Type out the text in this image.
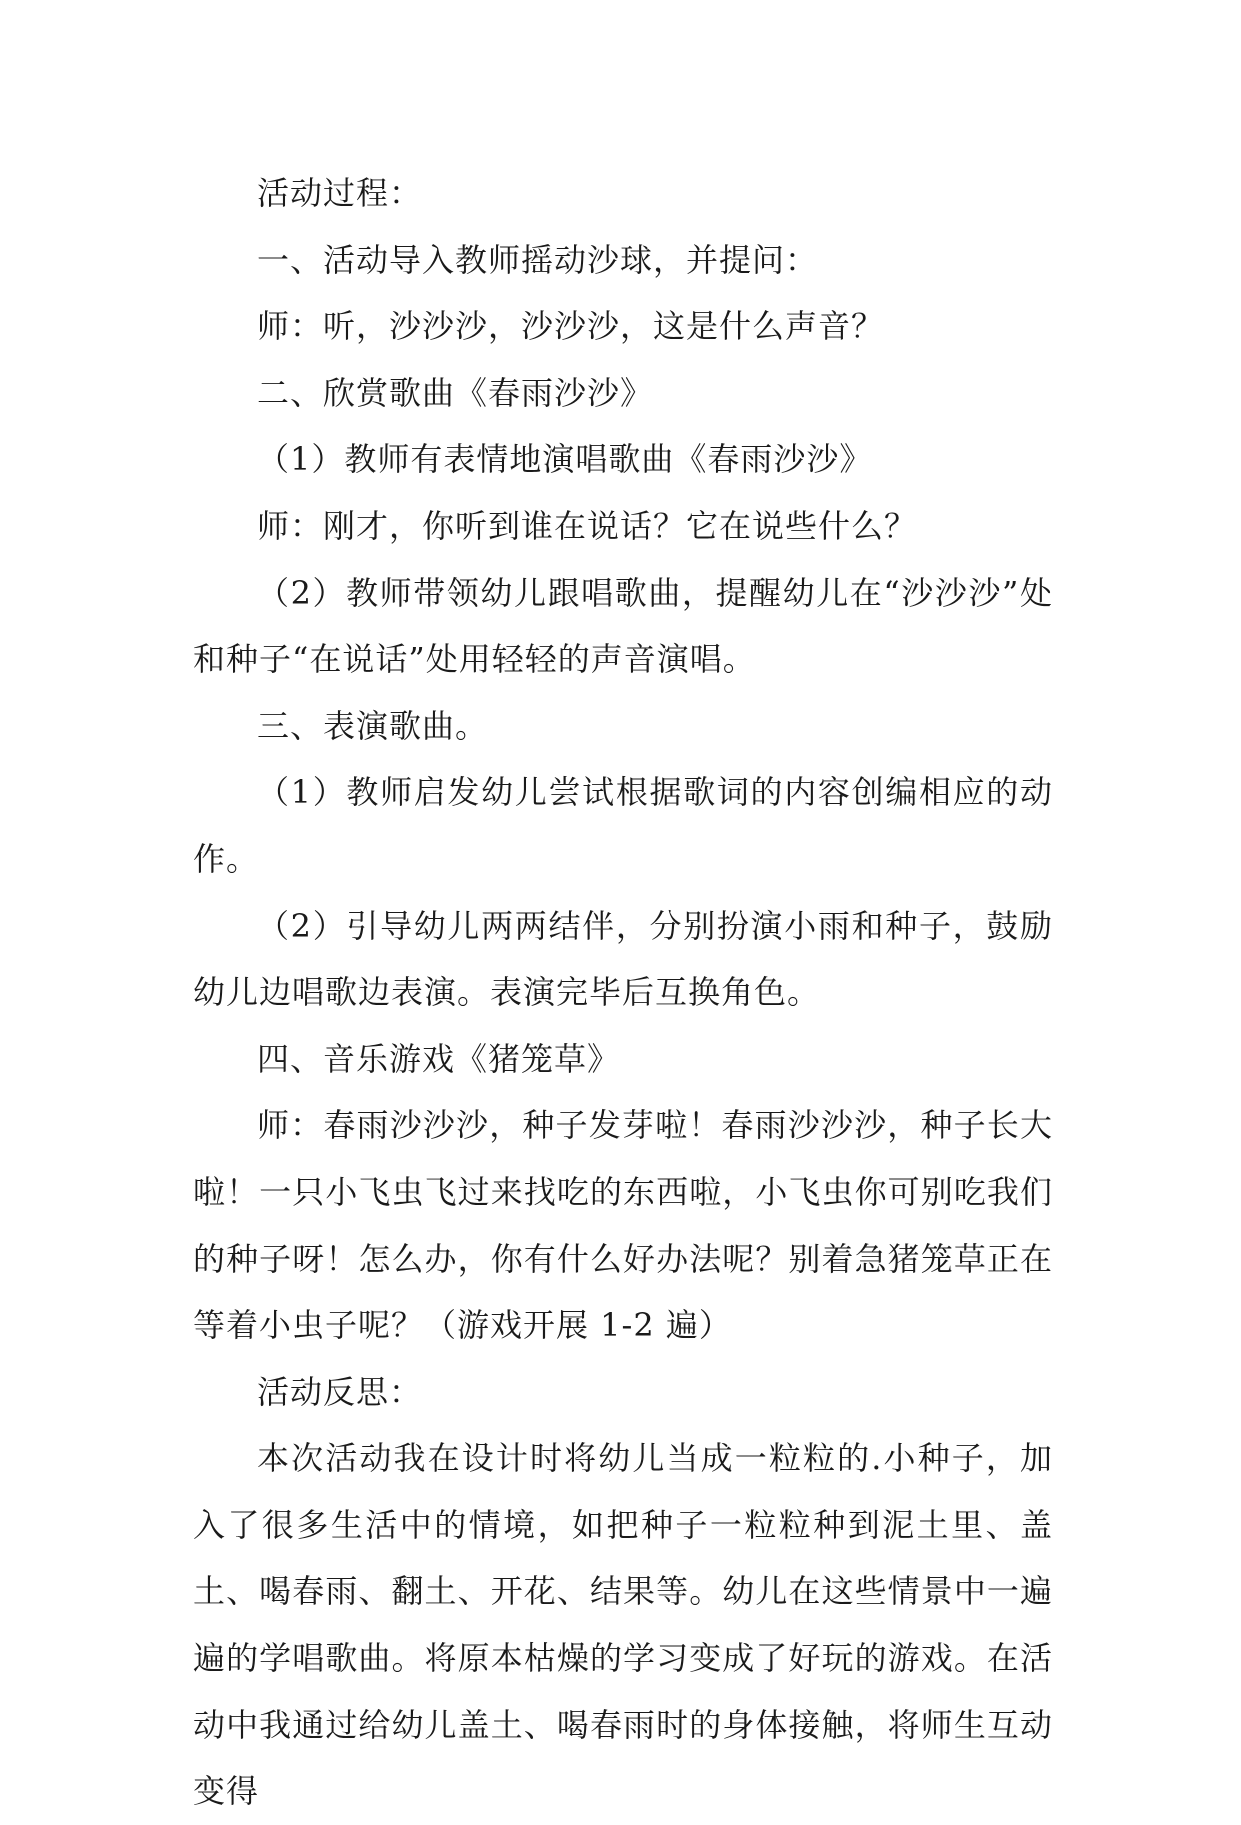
活动过程：

一、活动导入教师摇动沙球，并提问：

师：听，沙沙沙，沙沙沙，这是什么声音？

二、欣赏歌曲《春雨沙沙》

（1）教师有表情地演唱歌曲《春雨沙沙》

师：刚才，你听到谁在说话？它在说些什么？

（2）教师带领幼儿跟唱歌曲，提醒幼儿在“沙沙沙”处和种子“在说话”处用轻轻的声音演唱。

三、表演歌曲。

（1）教师启发幼儿尝试根据歌词的内容创编相应的动作。

（2）引导幼儿两两结伴，分别扮演小雨和种子，鼓励幼儿边唱歌边表演。表演完毕后互换角色。

四、音乐游戏《猪笼草》

师：春雨沙沙沙，种子发芽啦！春雨沙沙沙，种子长大啦！一只小飞虫飞过来找吃的东西啦，小飞虫你可别吃我们的种子呀！怎么办，你有什么好办法呢？别着急猪笼草正在等着小虫子呢？（游戏开展 1-2 遍）

活动反思：

本次活动我在设计时将幼儿当成一粒粒的.小种子，加入了很多生活中的情境，如把种子一粒粒种到泥土里、盖土、喝春雨、翻土、开花、结果等。幼儿在这些情景中一遍遍的学唱歌曲。将原本枯燥的学习变成了好玩的游戏。在活动中我通过给幼儿盖土、喝春雨时的身体接触，将师生互动变得
